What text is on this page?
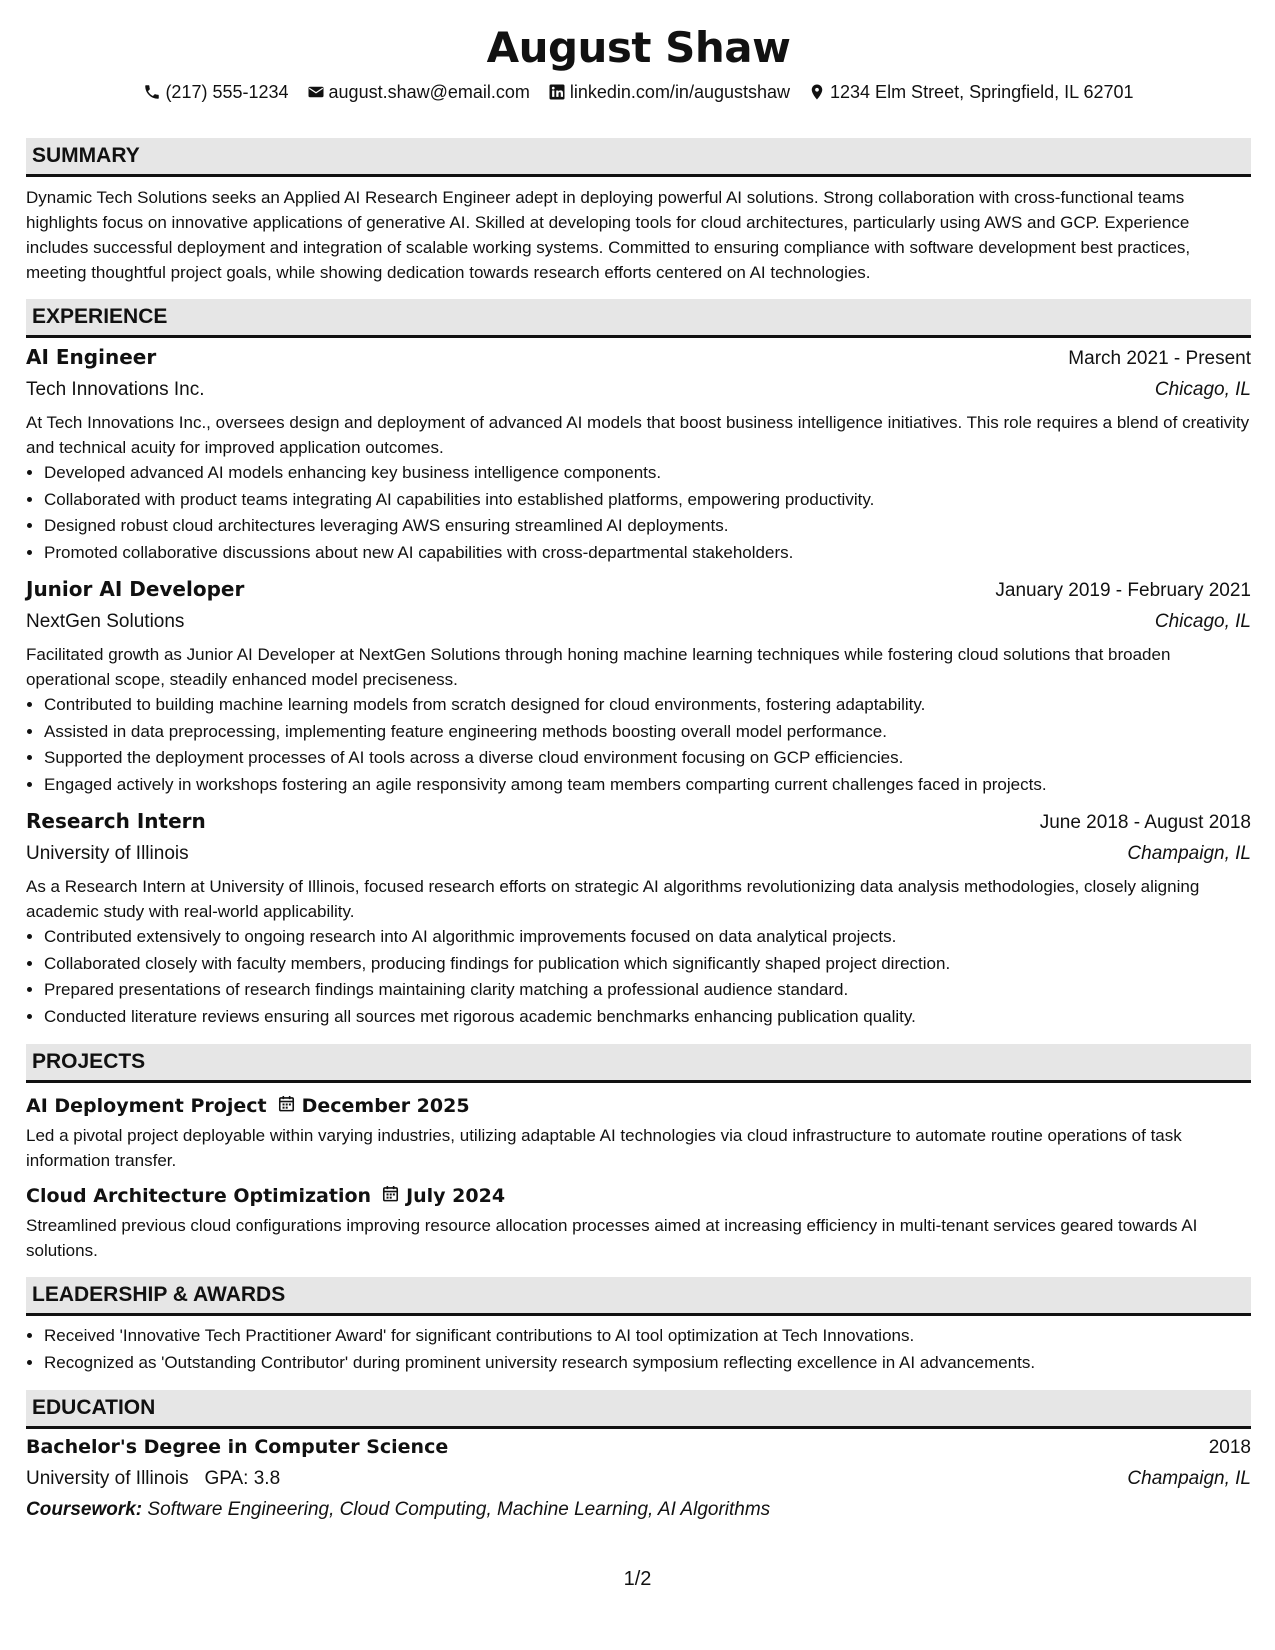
August Shaw
(217) 555-1234 august.shaw@email.com linkedin.com/in/augustshaw 1234 Elm Street, Springfield, IL 62701
SUMMARY

Dynamic Tech Solutions seeks an Applied AI Research Engineer adept in deploying powerful AI solutions. Strong collaboration with cross-functional teams highlights focus on innovative applications of generative AI. Skilled at developing tools for cloud architectures, particularly using AWS and GCP. Experience includes successful deployment and integration of scalable working systems. Committed to ensuring compliance with software development best practices, meeting thoughtful project goals, while showing dedication towards research efforts centered on AI technologies.

EXPERIENCE
AI Engineer	March 2021 - Present
Tech Innovations Inc.	Chicago, IL

At Tech Innovations Inc., oversees design and deployment of advanced AI models that boost business intelligence initiatives. This role requires a blend of creativity and technical acuity for improved application outcomes.

• Developed advanced AI models enhancing key business intelligence components.
• Collaborated with product teams integrating AI capabilities into established platforms, empowering productivity.
• Designed robust cloud architectures leveraging AWS ensuring streamlined AI deployments.
• Promoted collaborative discussions about new AI capabilities with cross-departmental stakeholders.
Junior AI Developer	January 2019 - February 2021
NextGen Solutions	Chicago, IL

Facilitated growth as Junior AI Developer at NextGen Solutions through honing machine learning techniques while fostering cloud solutions that broaden operational scope, steadily enhanced model preciseness.

• Contributed to building machine learning models from scratch designed for cloud environments, fostering adaptability.
• Assisted in data preprocessing, implementing feature engineering methods boosting overall model performance.
• Supported the deployment processes of AI tools across a diverse cloud environment focusing on GCP efficiencies.
• Engaged actively in workshops fostering an agile responsivity among team members comparting current challenges faced in projects.
Research Intern	June 2018 - August 2018
University of Illinois	Champaign, IL

As a Research Intern at University of Illinois, focused research efforts on strategic AI algorithms revolutionizing data analysis methodologies, closely aligning academic study with real-world applicability.

• Contributed extensively to ongoing research into AI algorithmic improvements focused on data analytical projects.
• Collaborated closely with faculty members, producing findings for publication which significantly shaped project direction.
• Prepared presentations of research findings maintaining clarity matching a professional audience standard.
• Conducted literature reviews ensuring all sources met rigorous academic benchmarks enhancing publication quality.
PROJECTS
AI Deployment Project December 2025

Led a pivotal project deployable within varying industries, utilizing adaptable AI technologies via cloud infrastructure to automate routine operations of task information transfer.

Cloud Architecture Optimization July 2024

Streamlined previous cloud configurations improving resource allocation processes aimed at increasing efficiency in multi-tenant services geared towards AI solutions.

LEADERSHIP & AWARDS
• Received 'Innovative Tech Practitioner Award' for significant contributions to AI tool optimization at Tech Innovations.
• Recognized as 'Outstanding Contributor' during prominent university research symposium reflecting excellence in AI advancements.
EDUCATION
Bachelor's Degree in Computer Science	2018
University of Illinois GPA: 3.8	Champaign, IL
Coursework: Software Engineering, Cloud Computing, Machine Learning, AI Algorithms
1/2
